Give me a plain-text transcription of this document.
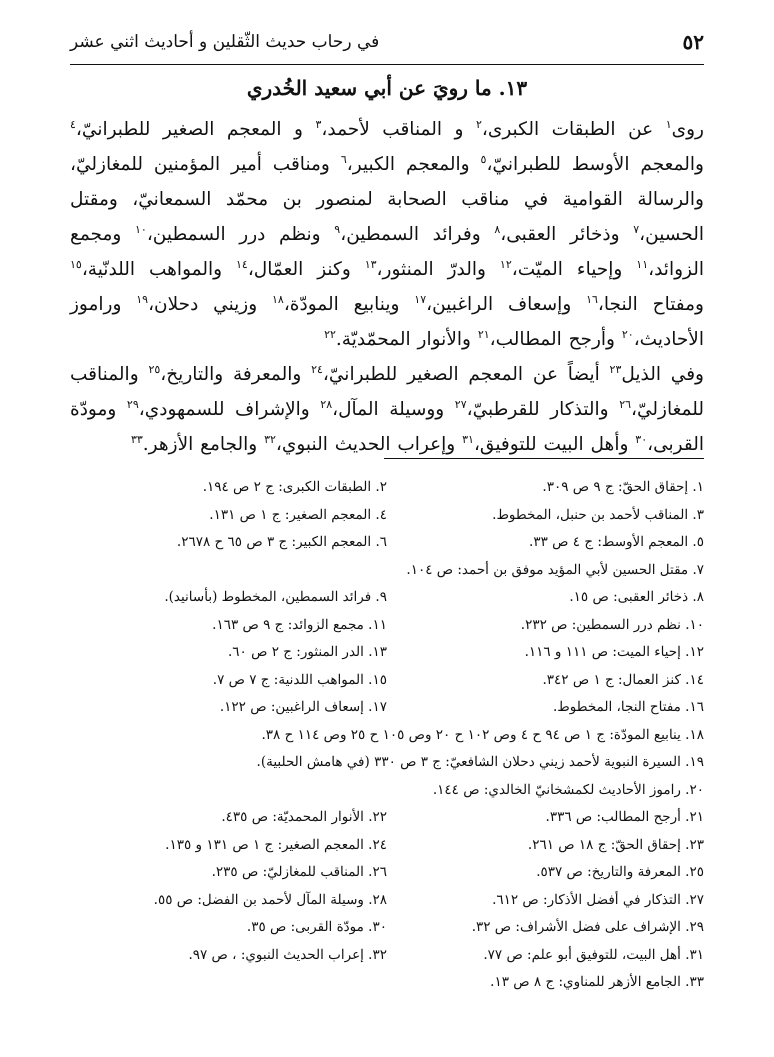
٥٢
في رحاب حديث الثّقلين و أحاديث اثني عشر
١٣. ما رويَ عن أبي سعيد الخُدري

روى$^١$ عن الطبقات الكبرى،$^٢$ و المناقب لأحمد،$^٣$ و المعجم الصغير للطبرانيّ،$^٤$ والمعجم الأوسط للطبرانيّ،$^٥$ والمعجم الكبير،$^٦$ ومناقب أمير المؤمنين للمغازليّ، والرسالة القوامية في مناقب الصحابة لمنصور بن محمّد السمعانيّ، ومقتل الحسين،$^٧$ وذخائر العقبى،$^٨$ وفرائد السمطين،$^٩$ ونظم درر السمطين،$^{١٠}$ ومجمع الزوائد،$^{١١}$ وإحياء الميّت،$^{١٢}$ والدرّ المنثور،$^{١٣}$ وكنز العمّال،$^{١٤}$ والمواهب اللدنّية،$^{١٥}$ ومفتاح النجا،$^{١٦}$ وإسعاف الراغبين،$^{١٧}$ وينابيع المودّة،$^{١٨}$ وزيني دحلان،$^{١٩}$ وراموز الأحاديث،$^{٢٠}$ وأرجح المطالب،$^{٢١}$ والأنوار المحمّديّة.$^{٢٢}$

وفي الذيل$^{٢٣}$ أيضاً عن المعجم الصغير للطبرانيّ،$^{٢٤}$ والمعرفة والتاريخ،$^{٢٥}$ والمناقب للمغازليّ،$^{٢٦}$ والتذكار للقرطبيّ،$^{٢٧}$ ووسيلة المآل،$^{٢٨}$ والإشراف للسمهودي،$^{٢٩}$ ومودّة القربى،$^{٣٠}$ وأهل البيت للتوفيق،$^{٣١}$ وإعراب الحديث النبوي،$^{٣٢}$ والجامع الأزهر.$^{٣٣}$

١. إحقاق الحقّ: ج ٩ ص ٣٠٩.
٢. الطبقات الكبرى: ج ٢ ص ١٩٤.
٣. المناقب لأحمد بن حنبل، المخطوط.
٤. المعجم الصغير: ج ١ ص ١٣١.
٥. المعجم الأوسط: ج ٤ ص ٣٣.
٦. المعجم الكبير: ج ٣ ص ٦٥ ح ٢٦٧٨.
٧. مقتل الحسين لأبي المؤيد موفق بن أحمد: ص ١٠٤.
٨. ذخائر العقبى: ص ١٥.
٩. فرائد السمطين، المخطوط (بأسانيد).
١٠. نظم درر السمطين: ص ٢٣٢.
١١. مجمع الزوائد: ج ٩ ص ١٦٣.
١٢. إحياء الميت: ص ١١١ و ١١٦.
١٣. الدر المنثور: ج ٢ ص ٦٠.
١٤. كنز العمال: ج ١ ص ٣٤٢.
١٥. المواهب اللدنية: ج ٧ ص ٧.
١٦. مفتاح النجا، المخطوط.
١٧. إسعاف الراغبين: ص ١٢٢.
١٨. ينابيع المودّة: ج ١ ص ٩٤ ح ٤ وص ١٠٢ ح ٢٠ وص ١٠٥ ح ٢٥ وص ١١٤ ح ٣٨.
١٩. السيرة النبوية لأحمد زيني دحلان الشافعيّ: ج ٣ ص ٣٣٠ (في هامش الحلبية).
٢٠. راموز الأحاديث لكمشخانيّ الخالدي: ص ١٤٤.
٢١. أرجح المطالب: ص ٣٣٦.
٢٢. الأنوار المحمديّة: ص ٤٣٥.
٢٣. إحقاق الحقّ: ج ١٨ ص ٢٦١.
٢٤. المعجم الصغير: ج ١ ص ١٣١ و ١٣٥.
٢٥. المعرفة والتاريخ: ص ٥٣٧.
٢٦. المناقب للمغازليّ: ص ٢٣٥.
٢٧. التذكار في أفضل الأذكار: ص ٦١٢.
٢٨. وسيلة المآل لأحمد بن الفضل: ص ٥٥.
٢٩. الإشراف على فضل الأشراف: ص ٣٢.
٣٠. مودّة القربى: ص ٣٥.
٣١. أهل البيت، للتوفيق أبو علم: ص ٧٧.
٣٢. إعراب الحديث النبوي: ، ص ٩٧.
٣٣. الجامع الأزهر للمناوي: ج ٨ ص ١٣.
